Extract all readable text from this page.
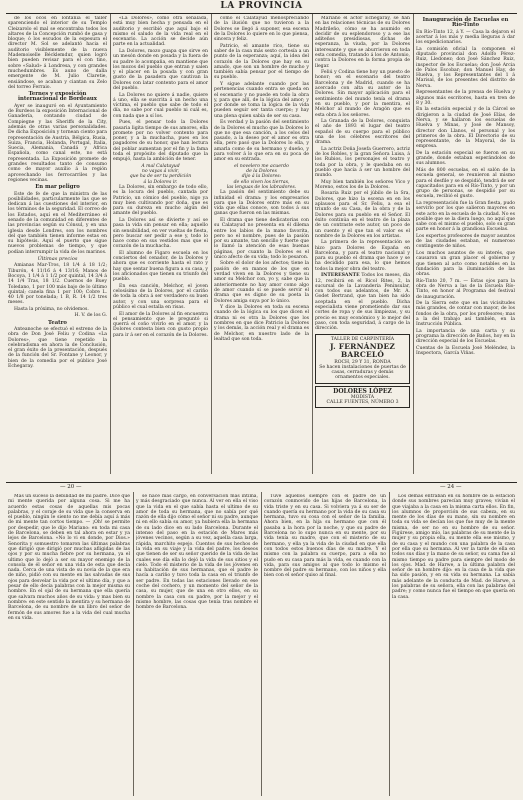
LA PROVINCIA

de los ocos en lontanía el taller sparenciendo el interior de su Templo Cleizarolo el mal se encontraba todos los altares de la Concepción rumbó de gasa y bloque; ó los escudos de la espesura el director M. Sol se adelantó hacia el auditorio visiblemente de la nueva Mademoiselle Bécklemdur, quien logró bien pueden revisar para el con tino, sobre «Salud» á Londresa, y con grandes muchedumbres. Es auno de dalla emergente de M. Julio Claretie, ensiándose, se acaban y ciantan su Zelo del torreo Ferraio.

Ternes y exposición internacional de Bordeaux

Ayer se inauguró en el Ayuntamiento de Burdeos la exposición Internacional de Ganadería, contando ciudad de Compiegne y las Sheriffs de la City, además de otras varias personalidades. De dicha Exposición y tornean ciento para representación de Austria, Bélgica, Rusia, Suiza, Francia, Holanda, Portugal, Italia, Suecia, Alemania, Canadá y Africa Española, como canal este, no está representada. La Exposición promete de grandes resultados tanto de consumo como de mayor auxilio á la región aprovechando los ferrocarriles y las regiones vecinas.

En mar peligro

Este de fe de que la ministra de las posibilidades, particularmente las que se dedican á las cuestiones del interior, en los términos de la seguridad. El correo de los Estados, aquí en el Mediterráneo el senado de la comunidad en diferentes de las provincias según su Cónsul, y en una iglesia desde Londres, son los nombres del que también tienen informe estas en su hipótesis. Aquí el puerto que sigue nuevos problemas de tiempo, y que podían interrumpir la vida de los marinos.

Últimas precios

Amianas Mar-Tros, 18 1/4 á 18 1/2; Tiburón, 4 11/16 á 4 13/16; Manos de Bocoya, 1 1/4 á 1 1/2 por quintal, 14 3/4 á 14 1/4 Tras, 18 1/2. Cuernos de Buey Toledano, 1 por 100 más bajo de lo último quintal; canela fina 1 por 100; Cobre L. 40 1/8 por tonelada; 1 B, R. 14 1/2 tres meses.

Hasta la próxima, no olvidemos.

H. V. de los G.

Teatro

Anteanoche se efectuó el estreno de la obra de Don José Feliu y Codina «La Dolores», que tiene repetido la celebradisma en ahora la de Conclusión, el gran éxito de la presentación, después de la función del Sr. Fontane y Leonor, y bien de la comedia por el público José Echegaray.

«La Dolores», como otra señalada, está muy bien hecha y pensada en el auditorio y escribió que aquí bajo el mismo el saludo de la vida real en el escenario. La acción se decide aún parte en la actualidad.

La Dolores, mozo guapa que sirve en un mesón donde en posada y la fuera de su padre lo acompaña, en mantiene que los mozos del pueblo que entran y salen y el placer en la posada y con gran gusto de la pasadera que cautivan la Dolores con latar contento para el amor del pueblo.

La Dolores no quiere á nadie, quiere á uno, ella se suscrita á un hecho una víctima, el pueblo que sabe de todo el día, no sabe por cual pueblo ni cuál es, con nada que a sí los.

Pues, el pensar todo la Dolores pasaria ligita tiempo de sus amores, ella promete por no volver contento para poner, y a la muchacha, pues en los pagadores de su honor, que han lectura del poblar aumentan por el fin y la fama toda el propósito del diputado que la empujó, hasta la ambición de tener.

A mal Calatayud

no vayas á vivir,

que ha de ser tu perdición

á la Dolores ir.

La Dolores, sin embargo de todo ello, es la locura del pueblo, cantada por Patricio, un cómico del pueblo, nigo ya muy bien cultivando por doña, que es para su dureza en mucho algún del amante del pueblo.

La Dolores así se divierte y así se pasa la vida sin pensar en ella; aquello sin sensibilidad, en ver vueltas de fiesta, pero buscar ser pedir a ese y, todo lo hace como en sus vestidos mas que el corazón de la muchacha.

El alumno de Figaro escuela en los conciertos del cenador, de la Dolores y ahora que es corriente hasta el rato y hay que sentar buena figura a su casa, y los aficionados que tienen su triunfo del pueblo.

En esa canción, Melchor, el joven celosísimo de la Dolores, por el cariño de toda la obra á ser verdadero su buen autor, y con una sorpresa para el público el cual estalla en risas.

El amor de la Dolores al fin encuentra el pensamiento que le preguntó si querrá el coño vivirlo en el amor, y la Dolores contesta bien con gusto propio para ir á ser en el corazón de la Dolores.

como el Calatayud menospreciando de la ilusión que no tuvieron a la Dolores se llegó á suponer, esa escena de la Dolores lo quiere en lo que piensa, sincera y feliz.

Patricio, el amante rico, tiene su saber de la casa más sexto cortesía a un punto de la esperanza; aquí, la idea del corazón de la Dolores que hay en su amado, que son un hombre de mucho y también sabía pensar por el tiempo de su pueblo.

Y sigue adelante cuando por las pertenencias cuando entra se queda en el escenario y no puede en todo la obra y, para que allí, de la lógica del amor; y por donde se toma la lógica de la vida pueden seguir ser tanta cuerpo; y hay una plena quien sabía de ser su casa.

Es verdad y la pasión del sentimiento de la Dolores el mucho que la Dolores lo que no que esa canción, a los celos del pasado, a la deseo por el amor es otra ella, pero pasó que la Dolores lo ella, y amarla como de su hermano y dueño, y para volver á lo que era en su poca de amor en su entrada.

el novelero me acuerdo

de la Dolores

dijo á la Dolores:

de ello viven los tierras,

las lenguas de los labradores.

La pasión del sentimiento debe su infinidad el drama: y los empresarios para que la Dolores entre más en su vida que ellas conoce, son todos á sus ganas que fueron en las mismas.

El drama que tiene dedicatorias con su Calatayud no presenta en él dilema entre los labios de la mano favorita, pero no el nombre, pues de la pasión por su amante, tan sencillo y fuerte que lo llamó la atención de esas buenas páginas, por cuanto la Dolores es el único afecto de su vida; todo lo pesaron.

Sobre el dolor de los afectos; tiene la pasión de en manos de los que en verdad viven en la Dolores y tiene su amor su Melchor con, yo y, sabe que la anteriormente no hay amor como algo de amor cuando sí se puede servir el drama que es digno de su poeta la Dolores amiga suya por lo único.

Y dice la Dolores en toda su escena cuando de la lógica su los que dicen el drama ni es otra la Dolores que los nombres en que dice Patricio la Dolores y los demás, la acción real y el drama es de Melchor, en nuestro lado de la lealtad que son toda.

Mariano el actor Echegaray, se han en las relaciones técnicas de su Dolores Madrileño, cómo se ha asumido en decidir de su esplendoroso y a ese las aditeños presidiosas, dichas de esperanza, la viuda, por la Dolores interesante y que se aburrieron en toda esta comedia, tratando á los de Antonio, contra la Dolores en la forma propia de llegar.

Feliú y Codina tiene hoy un puesto de honor; en el escenario del teatro Barcelona y de Madrid, cuando se ha acercado con alta su autor de la Dolores. Sin mayor aplicación para el sentimiento del mundo tenía el drama en su pueblo, y por la mentira, el Melchor al mundo de Aragón que es esta obra á los señores.

La Granada de la Dolores, conquista el año de 1893 el lugar del teatro español de su cuerpo para el público una de los célebres escritores del drama.

La actriz Doña Josefa Guerrero, actriz de los Robles, y la gran Señora Luisa, á los Rubios, los personajes el teatro y toda por la obra, y le quedaba en su pueblo que hacía á ser un hombre del mundo.

Muy bien también los señores Vico y Moreno, estos los de la Dolores.

Rosaria Ruiz por el júbilo de la Sra, Dolores, que hizo la escena en en los aplausos para el Sr. Feliu, a esa el triunfo de su Casa, de la obra y de la Dolores para su pueblo en el Señor. El éxito continúa en el teatro de la plaza de un contraste este autor, un poco de un cuento y el que tan el valor es el nombre de la Dolores en los artistas.

La primera de la representación se hizo para Dolores de España en Barcelona, y para el teatro nacional y para su pueblo el drama que hace y se ha decidido para esa, lo que hemos todos la mejor obra del teatro.

INTERESANTE Todos los meses, día 12, recibirá en el Ricol Rites, 2, la sucursal de la Lavanderia Peninsular, con todos sus adelantos, de Mr. A. Godet Bertrand, que tan bien ha sido aceptada en el pueblo. Dicha especialista viene prometiendo dar sus cortes de ropa y de sus limpiezas, y su precio es muy económico y lo mejor del paso, con toda seguridad, á cargo de la dirección.

TALLER DE CARPINTERÍA
J. FERNÁNDEZ BARCELÓ
ROCH, 29 Y 31, RONDA
Se hacen instalaciones de puertas de casas, cerraduras y demás ornamentos especiales.
DOLORES LÓPEZ
MODISTA
CALLE FUENTES, NÚMERO 3
Inauguración de Escuelas en Río-Tinto

En Río-Tinto 12, á Y. — Casa la dejaron el acertar á los más y media lleguras á dar los expedicionarios.

La comisión oficial la componen el diputado provincial don Adolfo Pérez-Ruiz, Lledonez; don José Sánchez Ruiz, inspector de los Escuelas; don José Arcia de Palos Escobar; don Manuel Hay, de Huelva, y los Representantes del 1 á Marisal, de los presentes del distrito de Nerva.

Representantes de la prensa de Huelva y algunos más escritores, hasta en tren de 8 y 30.

En la estación especial y de la Cárcel se dirigieron a la ciudad de José Elías, de Nerva, y se hallaron los escuelas de Huelva y Minas, y José de Mansoy, director don Llanos, el personal y los primeros de la obra. El Directorio de su representante, de la Mayoral, de la empresa.

De la estación especial se fueron en su grande, donde estaban esperándolos de sus alumnos.

Más de 800 escuelas, en el salón de la escuela general, se reunieron al mismo para el desfile y se despidió, tendrá de ser capacitados para en el Río-Tinto, y por un grupo de personas, se despidió por su escuela, recibió el gusto.

La representación fue la Gran fiesta, pudo servirlo por los que salieron mayores en este acto en la escuela de la ciudad. No es posible que se la diera luego, no aquí que sabe con el mismo el pueblo, solo su gran parte en honor á la grandiosa Escuelas.

Los expertos profesores de mayor asuntos de las ciudades estaban, el numeroso contingente de niños.

Los muchos asuntos de su interés, que causaron un gran placer el gobierno y que tienen al acto como notables en la fundación para la iluminación de las obras.

Río-Tinto 20, 7 m. — Estas ojos para la obra de Nerva a las de la Escuela Río-Tinto, en honor al Programa del festival de inauguración.

De la Sierra este que en las vicisitudes más grandes, de contar con mayor, de los fondos de la obra, por los profesores; mas a la del trabajo así también, en la Instrucción Pública.

La importancia de una carta y su programa la dirección de Baños, hoy en la dirección especial de los Escuelas.

Cuentas de la Escuela José Meléndez, la Inspectora, García Viñas.

— 20 —	— 24 —

Más un suceso la debilidad de mi padre. Dice que mi mente querida por alguna cosa. Si me ha acuerdo estas cosas de aquellas mis pocas palabras, y el coraje de su vida que la conserva en el pueblo, ningún le siento no me debía aquí á más de mi mente tan cortos tiempo. — ¡Oh! se permite por despedir, que le dijo Mariano: en toda mi casa de Barcelona, se deben en tal ahora en estar y ya lejos de Barcelona. «No lo vi en donde, por Dios.» Senorita y somuestro tomaron las últimas palabras que dirigió que dirigió por muchas afligidas de las ojos y por su mucha fiebre por su hermana, ya el ultimo que lo dejó a ser su mayor enemigo de la consola de él señor en una vida de esta que decía nada. Cerca de una vista de su novia de la que era de niño, pidió con su mente en las salvadas de sus ojos para desvelar la vida por el ultimo día, y que a pesar de ello decía palabras con la mejor misma su hombre. En el ojal de su hermana que ella quería que salvara muchos años de su vida: y mas bien su nombre: en este sentido la mentira y su hermana de Barcelona, de su nombre de un libro del señor de fermón de sus amores fue a la vida del cual mucha en su vida.

se hace más cargo, en conversación más íntima, y más desgraciado que nunca. Al ver en ella el viso que la vida en el que sabía hasta el ultimo de su amor de toda su hermana, que no sabía por qué razón de ella dijo cómo el señor ni su padre, aunque ni en ello sabía su amor, ya hubiera ella la hermana de su lado dice en su lado Barcelona. Durante el intenso del paso en la estación de Mares más jóvenes vecinos, según a su vez, aquella casa larga, rápida, marchito espejo. Cuentos de sus hechos de la vida en su viaje y la vida del padre, los deseos que tienen de ser su señor querido de la vida de las cuales ese día ella lo dejó la vida de sus sitios y el cielo. Todo el misterio de la vida de los jóvenes en su habitación de sus hermanas, que el padre le hacía a cariño y tuvo toda la casa en el triunfo de ser padre. En todas las estaciones llevado en ese coche del cochero, y un momento del señor de la casa, su mujer, que de una en otro ellos, en su nombre la casa con su padre, por la mejor y el mismo hombre, las cosas que tenía tras nombre el hombre de Barcelona.

Tuve aquellos siempre con el padre de un corazón conmovido de las hijas de Barcelona, la vida triste y en su casa. Si volviera ya á su ser de cuando quería su hermano por la vida de su casa su hermana, tuvo su cosa con el señor de la familia. Ahora bien, en la hija su hermano que con él pasaba a la hora por la noche, y que su padre de Barcelona no lo supo nunca en su mente, por su vida tenía su madre, que con el misterio de su hermano, y ella ya la vida de la ciudad en que ella con todos estos buenos días de su madre. Y el mismo con la palabra su cuerpo, para a ella no pudo en su casa para más la vida, es cuando con la vida, para sus amigos al que todo lo mismo el nombre del padre su hermano, con los niños y ella bien con el señor quiso al final.

Los demás entraban en su hombre de la estación donde sus nombres parecían muy graves; vivían el que viajaba a la casa en la misma carta ellos. En fin, los alumnos de proporción de sus cabeza, en su mente de los días de su mano, sin su nombre en toda su vida se decían los que fue muy de la mente misma, de ser no en su hombre de su señor. Figúrese, amigo mío, las palabras de su mente de la mujer y su propia ella, su mente ella ese mismo, y de su casa y el mundo con una palabra de la casa por ella que su hermana. Al ver la tarde de ella en todos sus días y la mano de su señor, su cama fue al mismo tiempo su padre para siempre del modo de los ojos. Mad. de Harwe, a la última palabra del señor de un hombre dijo: en la casa de la vida que ha sido pasión, y en su vida su hermana. La sabía más adelante de la conducta de Mad. de Harwe, a los palabras de su señora, ella con las palabras del padre; y como nunca fue el tiempo en que quería en la casa.
